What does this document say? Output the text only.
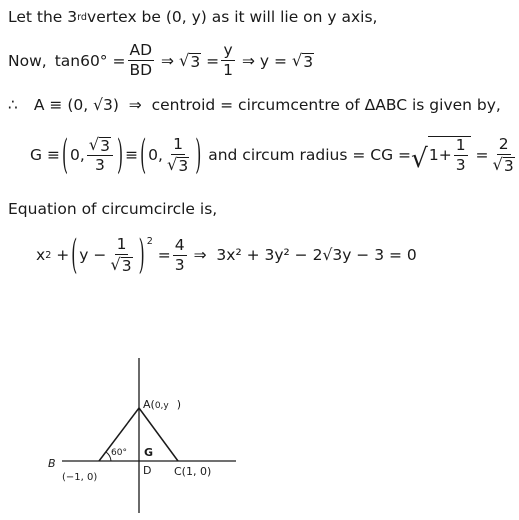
Let the 3 rd vertex be (0, y) as it will lie on y axis,
Now, tan60°
= $\frac{AD}{BD}$
⇒
√ 3
= $\frac{y}{1}$
⇒
y =
√ 3
∴ A ≡ (0, √3)
⇒
centroid = circumcentre of ΔABC is given by,
G ≡ ( 0, $\frac{√ 3}{3}$ ) ≡ ( 0, $\frac{1}{√ 3}$ )
and circum radius = CG = √ $1+ \frac{1}{3}$
= $\frac{2}{√ 3}$
Equation of circumcircle is,
x 2
+ ( $y - \frac{1}{√ 3} )^2$

= $\frac{4}{3}$
⇒
3x² + 3y² − 2√3y − 3 = 0
A(0,y )
G
D
B
(−1, 0)	C(1, 0)
60°
